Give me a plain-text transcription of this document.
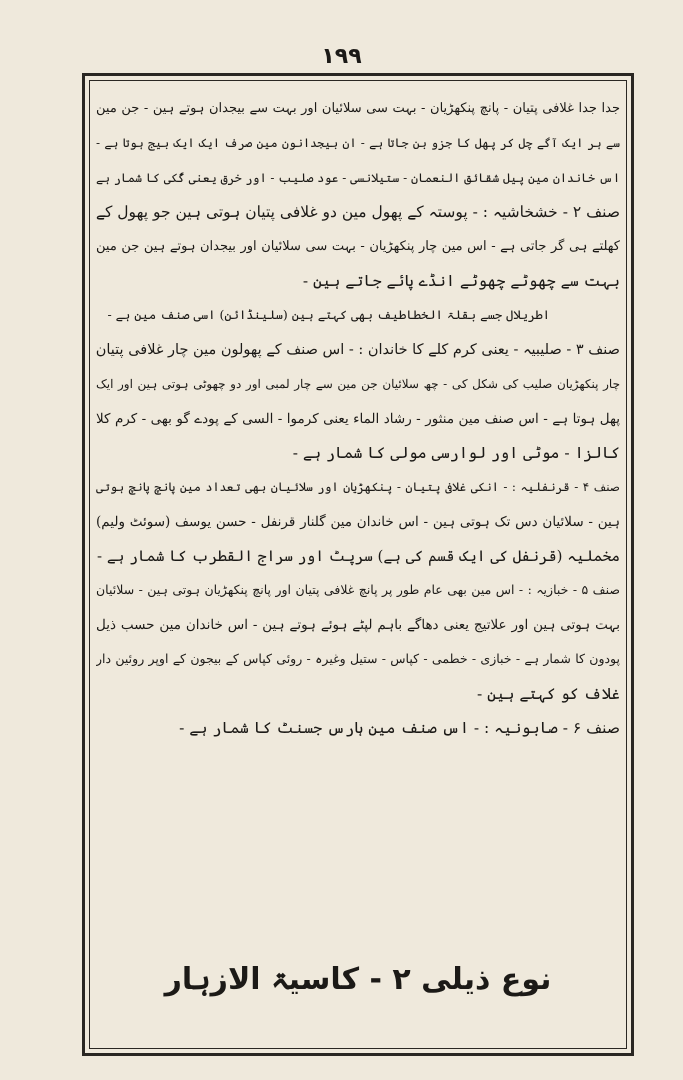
۱۹۹
جدا جدا غلافی پتیان - پانچ پنکھڑیان - بہت سی سلائیان اور بہت سے بیجدان ہوتے ہین - جن مین
سے ہر ایک آگے چل کر پھل کا جزو بن جاتا ہے - ان بیجدانون مین صرف ایک ایک بیج ہوتا ہے -
اس خاندان مین پیل شقائق النعمان - ستیلانسی - عود صلیب - اور خرق یعنی گُکی کا شمار ہے
صنف ۲ - خشخاشیہ : - پوستہ کے پھول مین دو غلافی پتیان ہوتی ہین جو پھول کے
کھلتے ہی گر جاتی ہے - اس مین چار پنکھڑیان - بہت سی سلائیان اور بیجدان ہوتے ہین جن مین
بہت سے چھوٹے چھوٹے انڈے پائے جاتے ہین -
اطریلال جسے بقلۃ الخطاطیف بھی کہتے ہین (سلینڈائن) اسی صنف مین ہے -
صنف ۳ - صلیبیہ - یعنی کرم کلے کا خاندان : - اس صنف کے پھولون مین چار غلافی پتیان
چار پنکھڑیان صلیب کی شکل کی - چھ سلائیان جن مین سے چار لمبی اور دو چھوٹی ہوتی ہین اور ایک
پھل ہوتا ہے - اس صنف مین منثور - رشاد الماء یعنی کرموا - السی کے پودے گو بھی - کرم کلا
کالزا - موٹی اور لوارسی مولی کا شمار ہے -
صنف ۴ - قرنفلیہ : - انکی غلافی پتیان - پنکھڑیان اور سلائیان بھی تعداد مین پانچ پانچ ہوتی
ہین - سلائیان دس تک ہوتی ہین - اس خاندان مین گلنار قرنفل - حسن یوسف (سوئٹ ولیم)
مخملیہ (قرنفل کی ایک قسم کی ہے) سرپٹ اور سراج القطرب کا شمار ہے -
صنف ۵ - خبازیہ : - اس مین بھی عام طور پر پانچ غلافی پتیان اور پانچ پنکھڑیان ہوتی ہین - سلائیان
بہت ہوتی ہین اور علاتیج یعنی دھاگے باہم لپٹے ہوئے ہوتے ہین - اس خاندان مین حسب ذیل
پودون کا شمار ہے - خبازی - خطمی - کپاس - ستیل وغیرہ - روئی کپاس کے بیجون کے اوپر روئین دار
غلاف کو کہتے ہین -
صنف ۶ - صابونیہ : - اس صنف مین ہارس جسنٹ کا شمار ہے -
نوع ذیلی ۲ - کاسیۃ الازہار
